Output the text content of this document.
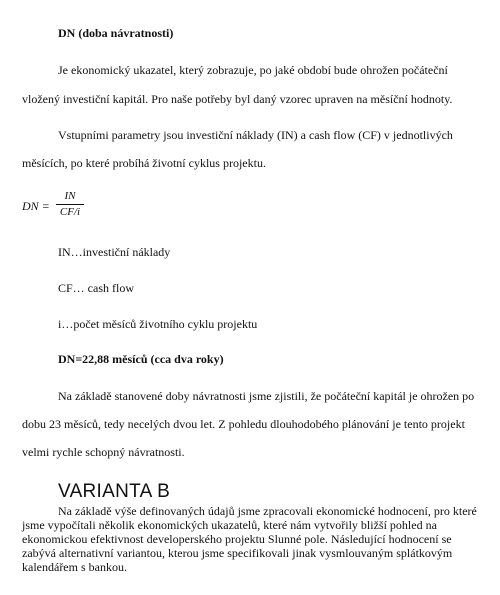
DN (doba návratnosti)
Je ekonomický ukazatel, který zobrazuje, po jaké období bude ohrožen počáteční
vložený investiční kapitál. Pro naše potřeby byl daný vzorec upraven na měsíční hodnoty.
Vstupními parametry jsou investiční náklady (IN) a cash flow (CF) v jednotlivých
měsících, po které probíhá životní cyklus projektu.
DN =
IN
CF/i
IN…investiční náklady
CF… cash flow
i…počet měsíců životního cyklu projektu
DN=22,88 měsíců (cca dva roky)
Na základě stanovené doby návratnosti jsme zjistili, že počáteční kapitál je ohrožen po
dobu 23 měsíců, tedy necelých dvou let. Z pohledu dlouhodobého plánování je tento projekt
velmi rychle schopný návratnosti.
VARIANTA B
Na základě výše definovaných údajů jsme zpracovali ekonomické hodnocení, pro které jsme vypočítali několik ekonomických ukazatelů, které nám vytvořily bližší pohled na ekonomickou efektivnost developerského projektu Slunné pole. Následující hodnocení se zabývá alternativní variantou, kterou jsme specifikovali jinak vysmlouvaným splátkovým kalendářem s bankou.
